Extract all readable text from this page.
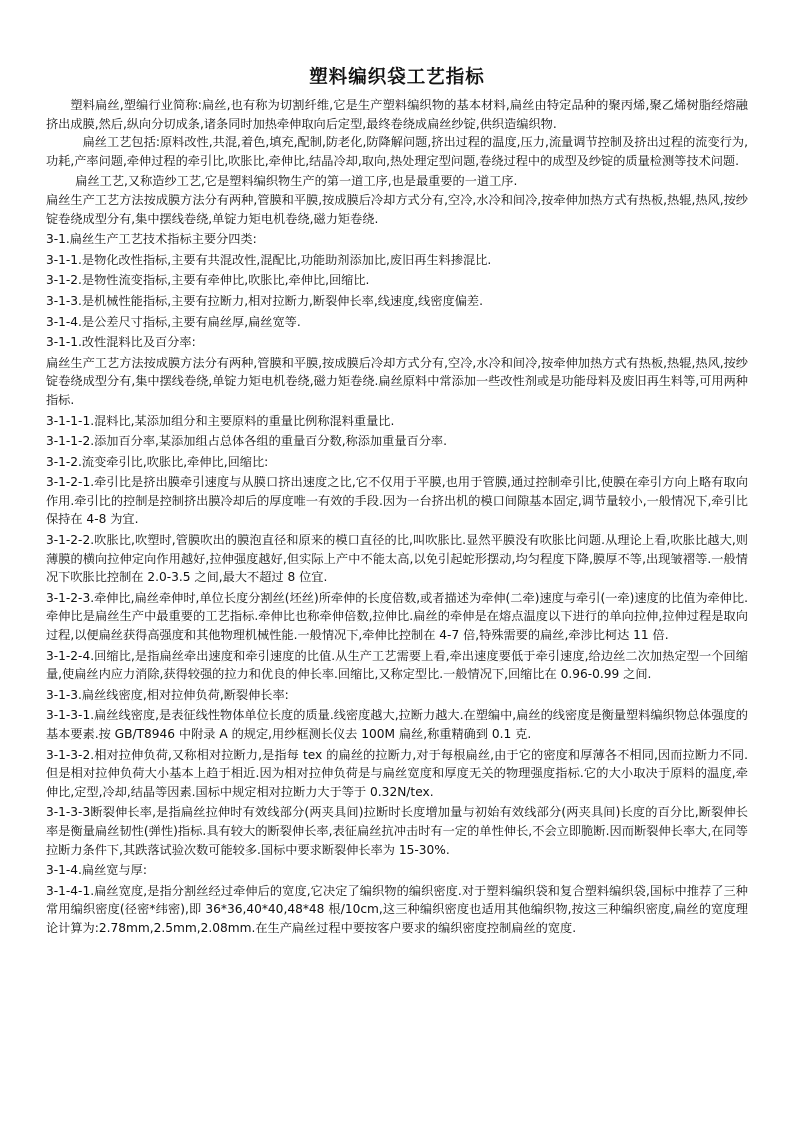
塑料编织袋工艺指标

塑料扁丝,塑编行业简称:扁丝,也有称为切割纤维,它是生产塑料编织物的基本材料,扁丝由特定品种的聚丙烯,聚乙烯树脂经熔融挤出成膜,然后,纵向分切成条,诸条同时加热牵伸取向后定型,最终卷绕成扁丝纱锭,供织造编织物.

扁丝工艺包括:原料改性,共混,着色,填充,配制,防老化,防降解问题,挤出过程的温度,压力,流量调节控制及挤出过程的流变行为,功耗,产率问题,牵伸过程的牵引比,吹胀比,牵伸比,结晶冷却,取向,热处理定型问题,卷绕过程中的成型及纱锭的质量检测等技术问题.

扁丝工艺,又称造纱工艺,它是塑料编织物生产的第一道工序,也是最重要的一道工序.

扁丝生产工艺方法按成膜方法分有两种,管膜和平膜,按成膜后冷却方式分有,空冷,水冷和间冷,按牵伸加热方式有热板,热辊,热风,按纱锭卷绕成型分有,集中摆线卷绕,单锭力矩电机卷绕,磁力矩卷绕.

3-1.扁丝生产工艺技术指标主要分四类:

3-1-1.是物化改性指标,主要有共混改性,混配比,功能助剂添加比,废旧再生料掺混比.

3-1-2.是物性流变指标,主要有牵伸比,吹胀比,牵伸比,回缩比.

3-1-3.是机械性能指标,主要有拉断力,相对拉断力,断裂伸长率,线速度,线密度偏差.

3-1-4.是公差尺寸指标,主要有扁丝厚,扁丝宽等.

3-1-1.改性混料比及百分率:

扁丝生产工艺方法按成膜方法分有两种,管膜和平膜,按成膜后冷却方式分有,空冷,水冷和间冷,按牵伸加热方式有热板,热辊,热风,按纱锭卷绕成型分有,集中摆线卷绕,单锭力矩电机卷绕,磁力矩卷绕.扁丝原料中常添加一些改性剂或是功能母料及废旧再生料等,可用两种指标.

3-1-1-1.混料比,某添加组分和主要原料的重量比例称混料重量比.

3-1-1-2.添加百分率,某添加组占总体各组的重量百分数,称添加重量百分率.

3-1-2.流变牵引比,吹胀比,牵伸比,回缩比:

3-1-2-1.牵引比是挤出膜牵引速度与从膜口挤出速度之比,它不仅用于平膜,也用于管膜,通过控制牵引比,使膜在牵引方向上略有取向作用.牵引比的控制是控制挤出膜冷却后的厚度唯一有效的手段.因为一台挤出机的模口间隙基本固定,调节量较小,一般情况下,牵引比保持在 4-8 为宜.

3-1-2-2.吹胀比,吹塑时,管膜吹出的膜泡直径和原来的模口直径的比,叫吹胀比.显然平膜没有吹胀比问题.从理论上看,吹胀比越大,则薄膜的横向拉伸定向作用越好,拉伸强度越好,但实际上产中不能太高,以免引起蛇形摆动,均匀程度下降,膜厚不等,出现皱褶等.一般情况下吹胀比控制在 2.0-3.5 之间,最大不超过 8 位宜.

3-1-2-3.牵伸比,扁丝牵伸时,单位长度分割丝(坯丝)所牵伸的长度倍数,或者描述为牵伸(二牵)速度与牵引(一牵)速度的比值为牵伸比.牵伸比是扁丝生产中最重要的工艺指标.牵伸比也称牵伸倍数,拉伸比.扁丝的牵伸是在熔点温度以下进行的单向拉伸,拉伸过程是取向过程,以便扁丝获得高强度和其他物理机械性能.一般情况下,牵伸比控制在 4-7 倍,特殊需要的扁丝,牵涉比柯达 11 倍.

3-1-2-4.回缩比,是指扁丝牵出速度和牵引速度的比值.从生产工艺需要上看,牵出速度要低于牵引速度,给边丝二次加热定型一个回缩量,使扁丝内应力消除,获得较强的拉力和优良的伸长率.回缩比,又称定型比.一般情况下,回缩比在 0.96-0.99 之间.

3-1-3.扁丝线密度,相对拉伸负荷,断裂伸长率:

3-1-3-1.扁丝线密度,是表征线性物体单位长度的质量.线密度越大,拉断力越大.在塑编中,扁丝的线密度是衡量塑料编织物总体强度的基本要素.按 GB/T8946 中附录 A 的规定,用纱框测长仪去 100M 扁丝,称重精确到 0.1 克.

3-1-3-2.相对拉伸负荷,又称相对拉断力,是指每 tex 的扁丝的拉断力,对于每根扁丝,由于它的密度和厚薄各不相同,因而拉断力不同.但是相对拉伸负荷大小基本上趋于相近.因为相对拉伸负荷是与扁丝宽度和厚度无关的物理强度指标.它的大小取决于原料的温度,牵伸比,定型,冷却,结晶等因素.国标中规定相对拉断力大于等于 0.32N/tex.

3-1-3-3断裂伸长率,是指扁丝拉伸时有效线部分(两夹具间)拉断时长度增加量与初始有效线部分(两夹具间)长度的百分比,断裂伸长率是衡量扁丝韧性(弹性)指标.具有较大的断裂伸长率,表征扁丝抗冲击时有一定的单性伸长,不会立即脆断.因而断裂伸长率大,在同等拉断力条件下,其跌落试验次数可能较多.国标中要求断裂伸长率为 15-30%.

3-1-4.扁丝宽与厚:

3-1-4-1.扁丝宽度,是指分割丝经过牵伸后的宽度,它决定了编织物的编织密度.对于塑料编织袋和复合塑料编织袋,国标中推荐了三种常用编织密度(径密*纬密),即 36*36,40*40,48*48 根/10cm,这三种编织密度也适用其他编织物,按这三种编织密度,扁丝的宽度理论计算为:2.78mm,2.5mm,2.08mm.在生产扁丝过程中要按客户要求的编织密度控制扁丝的宽度.
